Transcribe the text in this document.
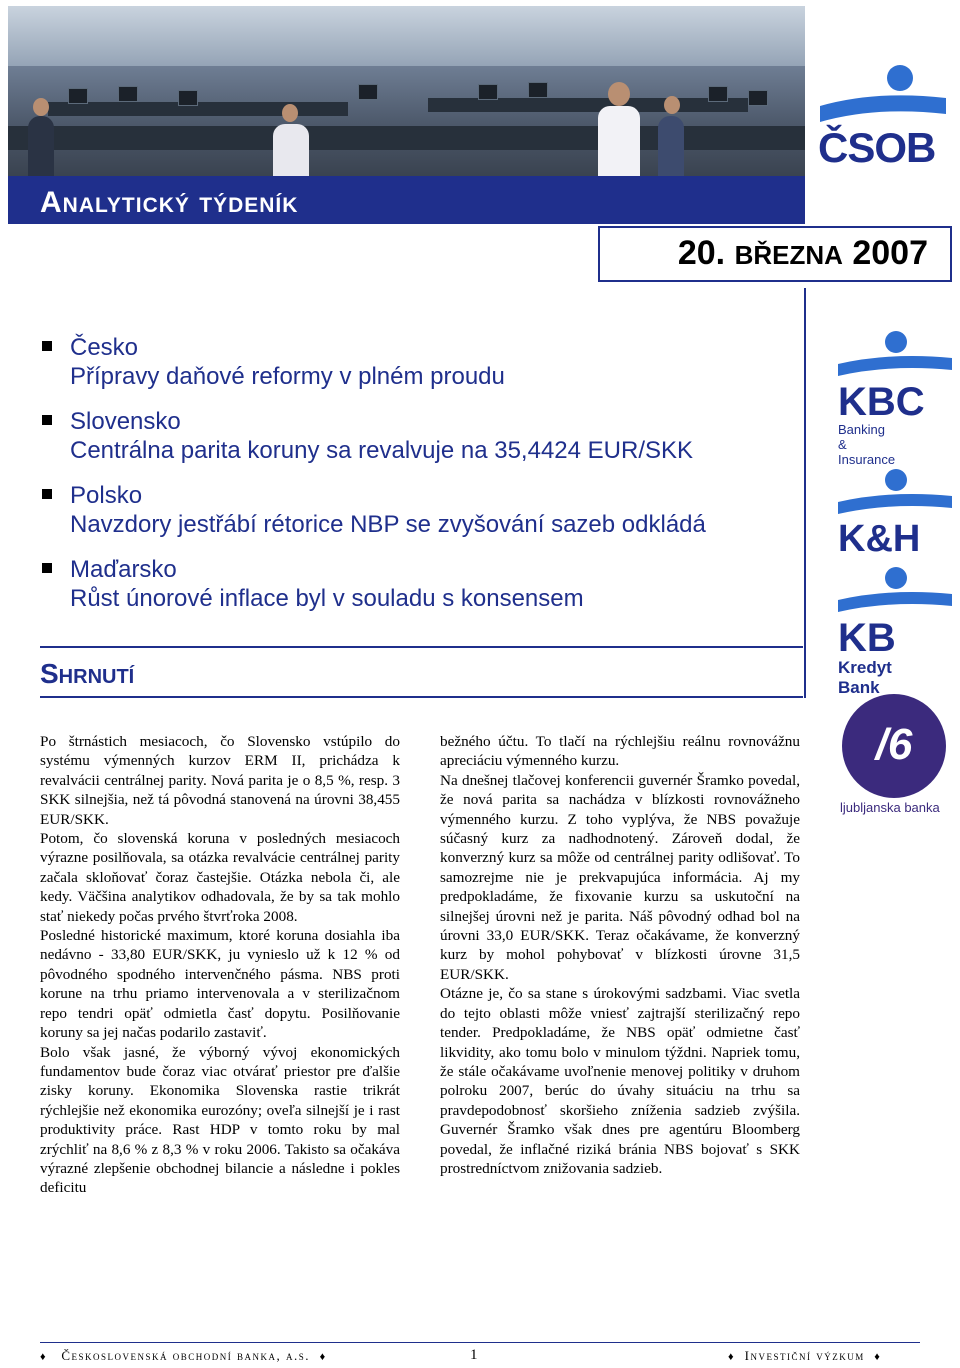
Analytický týdeník
ČSOB
20. BŘEZNA 2007
Česko
Přípravy daňové reformy v plném proudu
Slovensko
Centrálna parita koruny sa revalvuje na 35,4424 EUR/SKK
Polsko
Navzdory jestřábí rétorice NBP se zvyšování sazeb odkládá
Maďarsko
Růst únorové inflace byl v souladu s konsensem
Shrnutí

Po štrnástich mesiacoch, čo Slovensko vstúpilo do systému výmenných kurzov ERM II, prichádza k revalvácii centrálnej parity. Nová parita je o 8,5 %, resp. 3 SKK silnejšia, než tá pôvodná stanovená na úrovni 38,455 EUR/SKK.

Potom, čo slovenská koruna v posledných mesiacoch výrazne posilňovala, sa otázka revalvácie centrálnej parity začala skloňovať čoraz častejšie. Otázka nebola či, ale kedy. Väčšina analytikov odhadovala, že by sa tak mohlo stať niekedy počas prvého štvrťroka 2008.

Posledné historické maximum, ktoré koruna dosiahla iba nedávno - 33,80 EUR/SKK, ju vynieslo už k 12 % od pôvodného spodného intervenčného pásma. NBS proti korune na trhu priamo intervenovala a v sterilizačnom repo tendri opäť odmietla časť dopytu. Posilňovanie koruny sa jej načas podarilo zastaviť.

Bolo však jasné, že výborný vývoj ekonomických fundamentov bude čoraz viac otvárať priestor pre ďalšie zisky koruny. Ekonomika Slovenska rastie trikrát rýchlejšie než ekonomika eurozóny; oveľa silnejší je i rast produktivity práce. Rast HDP v tomto roku by mal zrýchliť na 8,6 % z 8,3 % v roku 2006. Takisto sa očakáva výrazné zlepšenie obchodnej bilancie a následne i pokles deficitu

bežného účtu. To tlačí na rýchlejšiu reálnu rovnovážnu apreciáciu výmenného kurzu.

Na dnešnej tlačovej konferencii guvernér Šramko povedal, že nová parita sa nachádza v blízkosti rovnovážneho výmenného kurzu. Z toho vyplýva, že NBS považuje súčasný kurz za nadhodnotený. Zároveň dodal, že konverzný kurz sa môže od centrálnej parity odlišovať. To samozrejme nie je prekvapujúca informácia. Aj my predpokladáme, že fixovanie kurzu sa uskutoční na silnejšej úrovni než je parita. Náš pôvodný odhad bol na úrovni 33,0 EUR/SKK. Teraz očakávame, že konverzný kurz by mohol pohybovať v blízkosti úrovne 31,5 EUR/SKK.

Otázne je, čo sa stane s úrokovými sadzbami. Viac svetla do tejto oblasti môže vniesť zajtrajší sterilizačný repo tender. Predpokladáme, že NBS opäť odmietne časť likvidity, ako tomu bolo v minulom týždni. Napriek tomu, že stále očakávame uvoľnenie menovej politiky v druhom polroku 2007, berúc do úvahy situáciu na trhu sa pravdepodobnosť skoršieho zníženia sadzieb zvýšila. Guvernér Šramko však dnes pre agentúru Bloomberg povedal, že inflačné riziká bránia NBS bojovať s SKK prostredníctvom znižovania sadzieb.

KBC
Banking & Insurance
K&H
KB
Kredyt Bank
/6
ljubljanska banka
♦ Československá obchodní banka, a.s. ♦	1	♦ Investiční výzkum ♦
